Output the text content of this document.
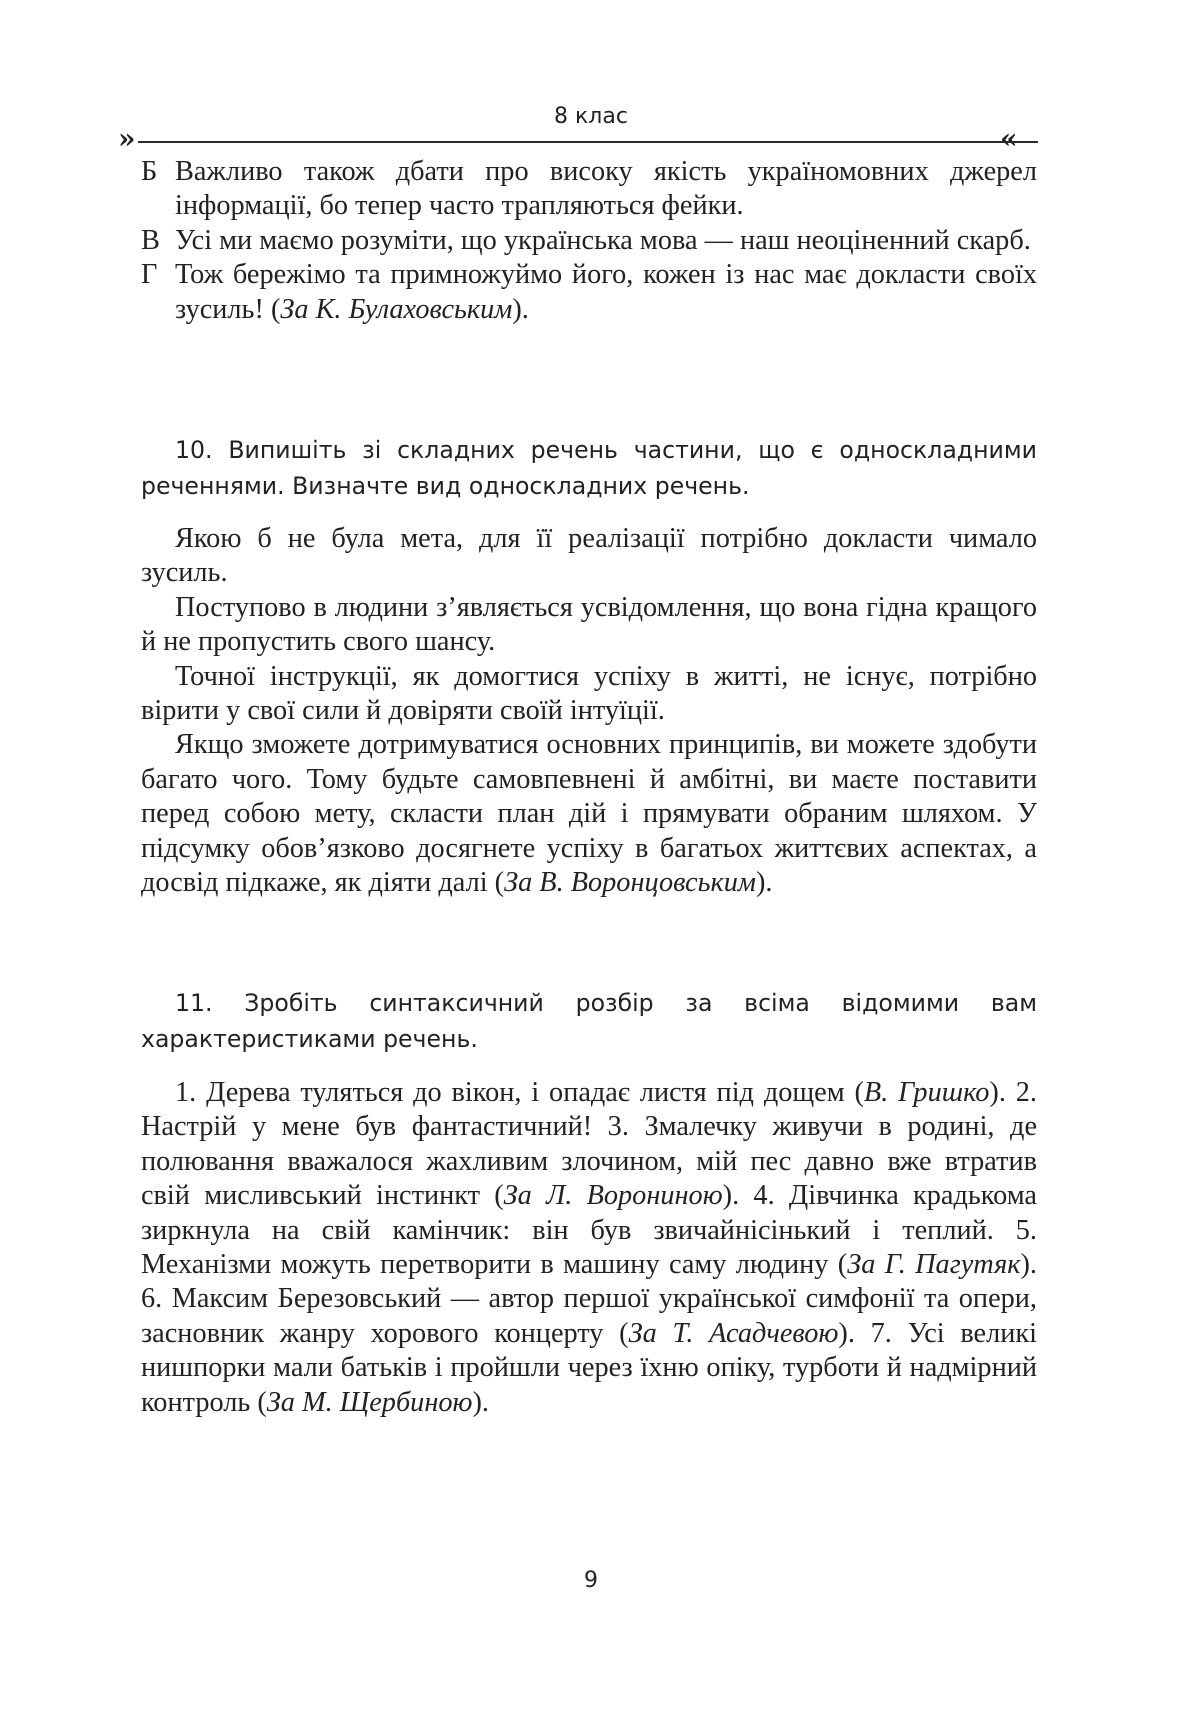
8 клас
»	«
Б Важливо також дбати про високу якість україномовних джерел інформації, бо тепер часто трапляються фейки.
В Усі ми маємо розуміти, що українська мова — наш неоціненний скарб.
Г Тож бережімо та примножуймо його, кожен із нас має докласти своїх зусиль! (За К. Булаховським).
10. Випишіть зі складних речень частини, що є односкладними реченнями. Визначте вид односкладних речень.
Якою б не була мета, для її реалізації потрібно докласти чимало зусиль.
Поступово в людини з’являється усвідомлення, що вона гідна кращого й не пропустить свого шансу.
Точної інструкції, як домогтися успіху в житті, не існує, потрібно вірити у свої сили й довіряти своїй інтуїції.
Якщо зможете дотримуватися основних принципів, ви можете здобути багато чого. Тому будьте самовпевнені й амбітні, ви маєте поставити перед собою мету, скласти план дій і прямувати обраним шляхом. У підсумку обов’язково досягнете успіху в багатьох життєвих аспектах, а досвід підкаже, як діяти далі (За В. Воронцовським).
11. Зробіть синтаксичний розбір за всіма відомими вам характеристиками речень.
1. Дерева туляться до вікон, і опадає листя під дощем (В. Гришко). 2. Настрій у мене був фантастичний! 3. Змалечку живучи в родині, де полювання вважалося жахливим злочином, мій пес давно вже втратив свій мисливський інстинкт (За Л. Ворониною). 4. Дівчинка крадькома зиркнула на свій камінчик: він був звичайнісінький і теплий. 5. Механізми можуть перетворити в машину саму людину (За Г. Пагутяк). 6. Максим Березовський — автор першої української симфонії та опери, засновник жанру хорового концерту (За Т. Асадчевою). 7. Усі великі нишпорки мали батьків і пройшли через їхню опіку, турботи й надмірний контроль (За М. Щербиною).
9
